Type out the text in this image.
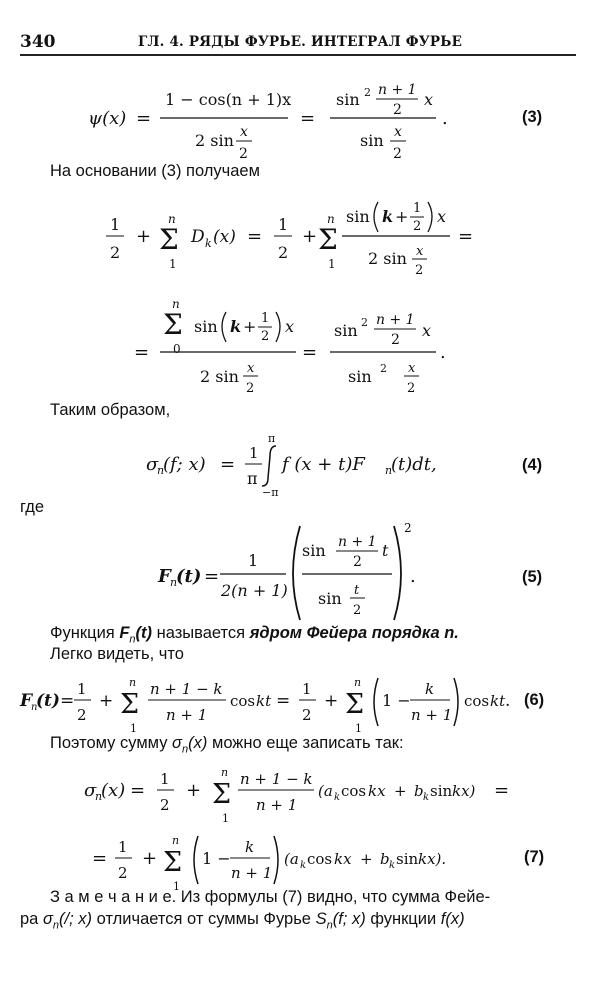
340	ГЛ. 4. РЯДЫ ФУРЬЕ. ИНТЕГРАЛ ФУРЬЕ
ψ(x) =
1 − cos(n + 1)x
2 sin x
2
=
sin 2 n + 1
2
x
sin x
2
.	(3)
На основании (3) получаем
1
2
+
n
Σ
1
D k (x) =
1
2
+
n
Σ
1
sin k + 1
2
x
2 sin x
2
=
=
n
Σ
0
sin k + 1
2
x
2 sin x
2
=
sin 2 n + 1
2 x
sin 2 x
2
.
Таким образом,
σ
n
(f; x) =
1
π
π
−π
f (x + t)F n
(t)dt,	(4)
где
F n
(t) =
1
2(n + 1)
sin n + 1
2
t
sin t
2
2
.	(5)
Функция $F_n(t)$ называется ядром Фейера порядка n.
Легко видеть, что
F
n
(t) =
1
2
+
n
Σ
1
n + 1 − k
n + 1
cos kt =
1
2
+
n
Σ
1
1 −
k
n + 1
cos kt . (6)
Поэтому сумму $\sigma_n(x)$ можно еще записать так:
σ
n
(x) =
1
2
+
n
Σ
1
n + 1 − k
n + 1
(a k cos kx + b k sin kx) =
=
1
2
+
n
Σ
1
1 −
k
n + 1
(a k cos kx + b k sin kx).	(7)
З а м е ч а н и е. Из формулы (7) видно, что сумма Фейе-
ра $\sigma_n(/$; x) отличается от суммы Фурье $S_n(f$; x) функции f(x)
